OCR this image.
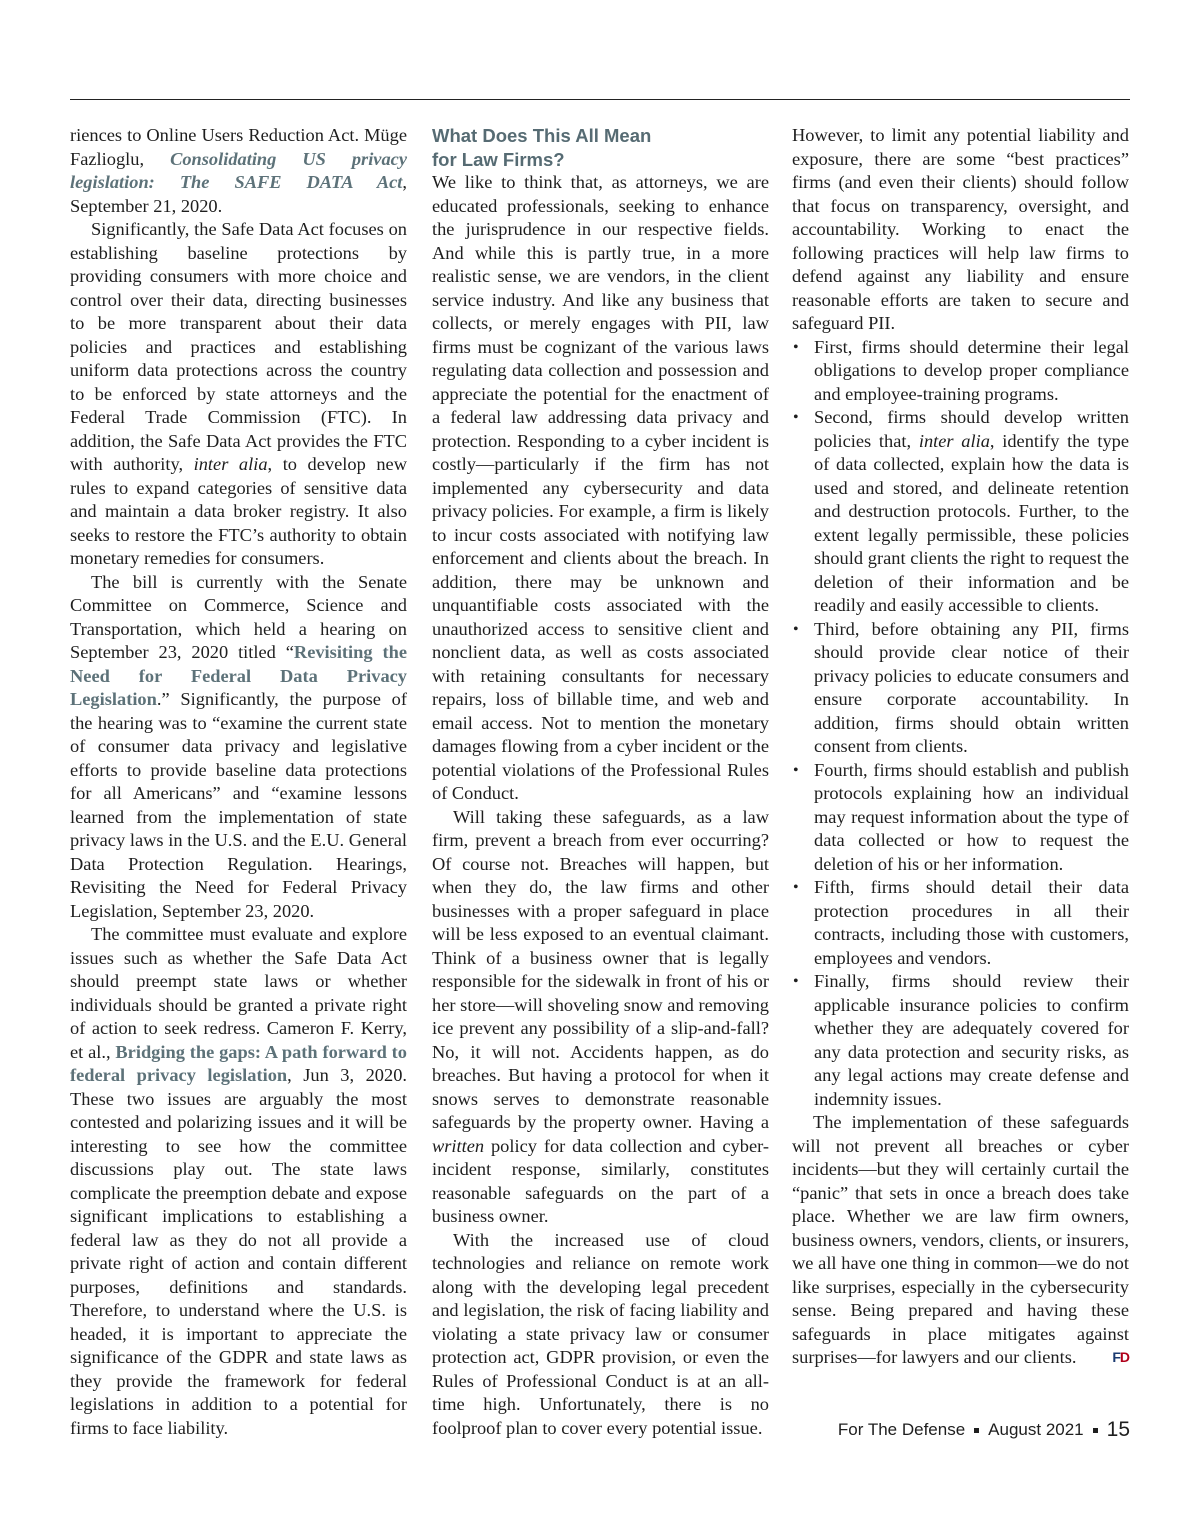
riences to Online Users Reduction Act. Müge Fazlioglu, Consolidating US privacy legislation: The SAFE DATA Act, September 21, 2020.

Significantly, the Safe Data Act focuses on establishing baseline protections by providing consumers with more choice and control over their data, directing businesses to be more transparent about their data policies and practices and establishing uniform data protections across the country to be enforced by state attorneys and the Federal Trade Commission (FTC). In addition, the Safe Data Act provides the FTC with authority, inter alia, to develop new rules to expand categories of sensitive data and maintain a data broker registry. It also seeks to restore the FTC’s authority to obtain monetary remedies for consumers.

The bill is currently with the Senate Committee on Commerce, Science and Transportation, which held a hearing on September 23, 2020 titled “Revisiting the Need for Federal Data Privacy Legislation.” Significantly, the purpose of the hearing was to “examine the current state of consumer data privacy and legislative efforts to provide baseline data protections for all Americans” and “examine lessons learned from the implementation of state privacy laws in the U.S. and the E.U. General Data Protection Regulation. Hearings, Revisiting the Need for Federal Privacy Legislation, September 23, 2020.

The committee must evaluate and explore issues such as whether the Safe Data Act should preempt state laws or whether individuals should be granted a private right of action to seek redress. Cameron F. Kerry, et al., Bridging the gaps: A path forward to federal privacy legislation, Jun 3, 2020. These two issues are arguably the most contested and polarizing issues and it will be interesting to see how the committee discussions play out. The state laws complicate the preemption debate and expose significant implications to establishing a federal law as they do not all provide a private right of action and contain different purposes, definitions and standards. Therefore, to understand where the U.S. is headed, it is important to appreciate the significance of the GDPR and state laws as they provide the framework for federal legislations in addition to a potential for firms to face liability.

What Does This All Mean
for Law Firms?

We like to think that, as attorneys, we are educated professionals, seeking to enhance the jurisprudence in our respective fields. And while this is partly true, in a more realistic sense, we are vendors, in the client service industry. And like any business that collects, or merely engages with PII, law firms must be cognizant of the various laws regulating data collection and possession and appreciate the potential for the enactment of a federal law addressing data privacy and protection. Responding to a cyber incident is costly—particularly if the firm has not implemented any cybersecurity and data privacy policies. For example, a firm is likely to incur costs associated with notifying law enforcement and clients about the breach. In addition, there may be unknown and unquantifiable costs associated with the unauthorized access to sensitive client and nonclient data, as well as costs associated with retaining consultants for necessary repairs, loss of billable time, and web and email access. Not to mention the monetary damages flowing from a cyber incident or the potential violations of the Professional Rules of Conduct.

Will taking these safeguards, as a law firm, prevent a breach from ever occurring? Of course not. Breaches will happen, but when they do, the law firms and other businesses with a proper safeguard in place will be less exposed to an eventual claimant. Think of a business owner that is legally responsible for the sidewalk in front of his or her store—will shoveling snow and removing ice prevent any possibility of a slip-and-fall? No, it will not. Accidents happen, as do breaches. But having a protocol for when it snows serves to demonstrate reasonable safeguards by the property owner. Having a written policy for data collection and cyber-incident response, similarly, constitutes reasonable safeguards on the part of a business owner.

With the increased use of cloud technologies and reliance on remote work along with the developing legal precedent and legislation, the risk of facing liability and violating a state privacy law or consumer protection act, GDPR provision, or even the Rules of Professional Conduct is at an all-time high. Unfortunately, there is no foolproof plan to cover every potential issue.

However, to limit any potential liability and exposure, there are some “best practices” firms (and even their clients) should follow that focus on transparency, oversight, and accountability. Working to enact the following practices will help law firms to defend against any liability and ensure reasonable efforts are taken to secure and safeguard PII.

• First, firms should determine their legal obligations to develop proper compliance and employee-training programs.
• Second, firms should develop written policies that, inter alia, identify the type of data collected, explain how the data is used and stored, and delineate retention and destruction protocols. Further, to the extent legally permissible, these policies should grant clients the right to request the deletion of their information and be readily and easily accessible to clients.
• Third, before obtaining any PII, firms should provide clear notice of their privacy policies to educate consumers and ensure corporate accountability. In addition, firms should obtain written consent from clients.
• Fourth, firms should establish and publish protocols explaining how an individual may request information about the type of data collected or how to request the deletion of his or her information.
• Fifth, firms should detail their data protection procedures in all their contracts, including those with customers, employees and vendors.
• Finally, firms should review their applicable insurance policies to confirm whether they are adequately covered for any data protection and security risks, as any legal actions may create defense and indemnity issues.

The implementation of these safeguards will not prevent all breaches or cyber incidents—but they will certainly curtail the “panic” that sets in once a breach does take place. Whether we are law firm owners, business owners, vendors, clients, or insurers, we all have one thing in common—we do not like surprises, especially in the cybersecurity sense. Being prepared and having these safeguards in place mitigates against surprises—for lawyers and our clients.	FD

For The Defense August 2021 15
